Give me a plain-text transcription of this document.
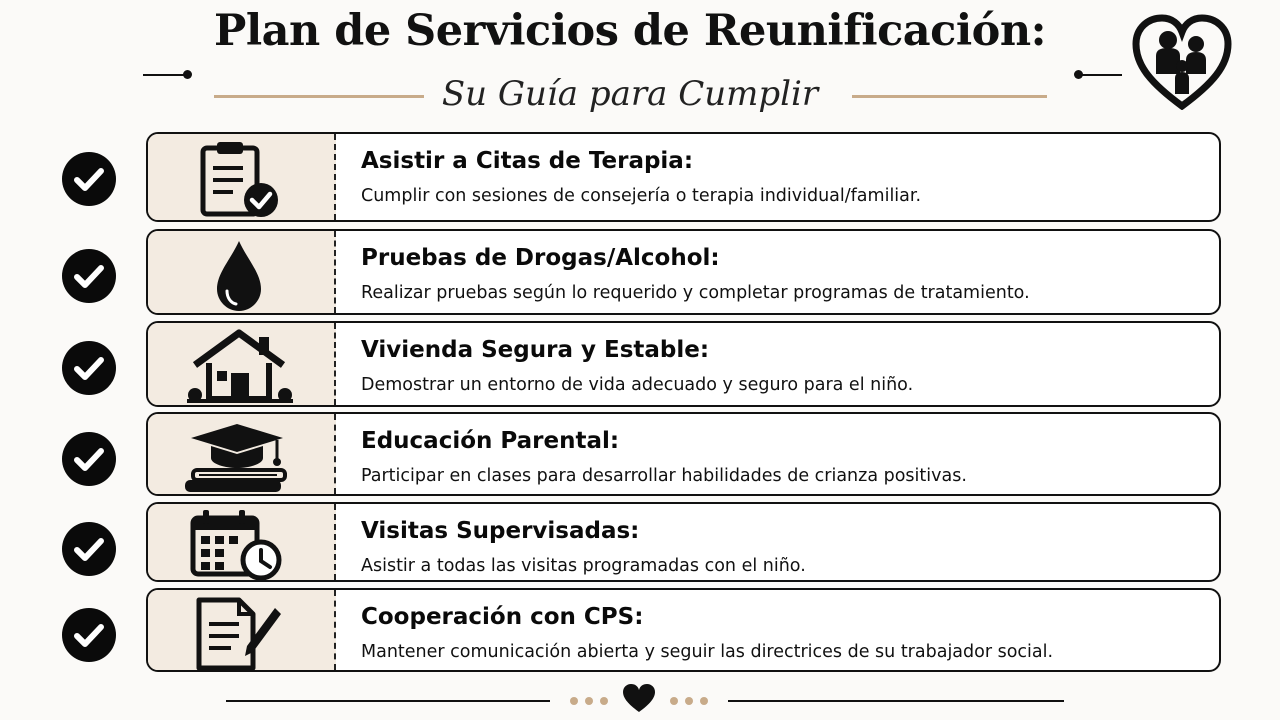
Plan de Servicios de Reunificación:
Su Guía para Cumplir
Asistir a Citas de Terapia:
Cumplir con sesiones de consejería o terapia individual/familiar.
Pruebas de Drogas/Alcohol:
Realizar pruebas según lo requerido y completar programas de tratamiento.
Vivienda Segura y Estable:
Demostrar un entorno de vida adecuado y seguro para el niño.
Educación Parental:
Participar en clases para desarrollar habilidades de crianza positivas.
Visitas Supervisadas:
Asistir a todas las visitas programadas con el niño.
Cooperación con CPS:
Mantener comunicación abierta y seguir las directrices de su trabajador social.
